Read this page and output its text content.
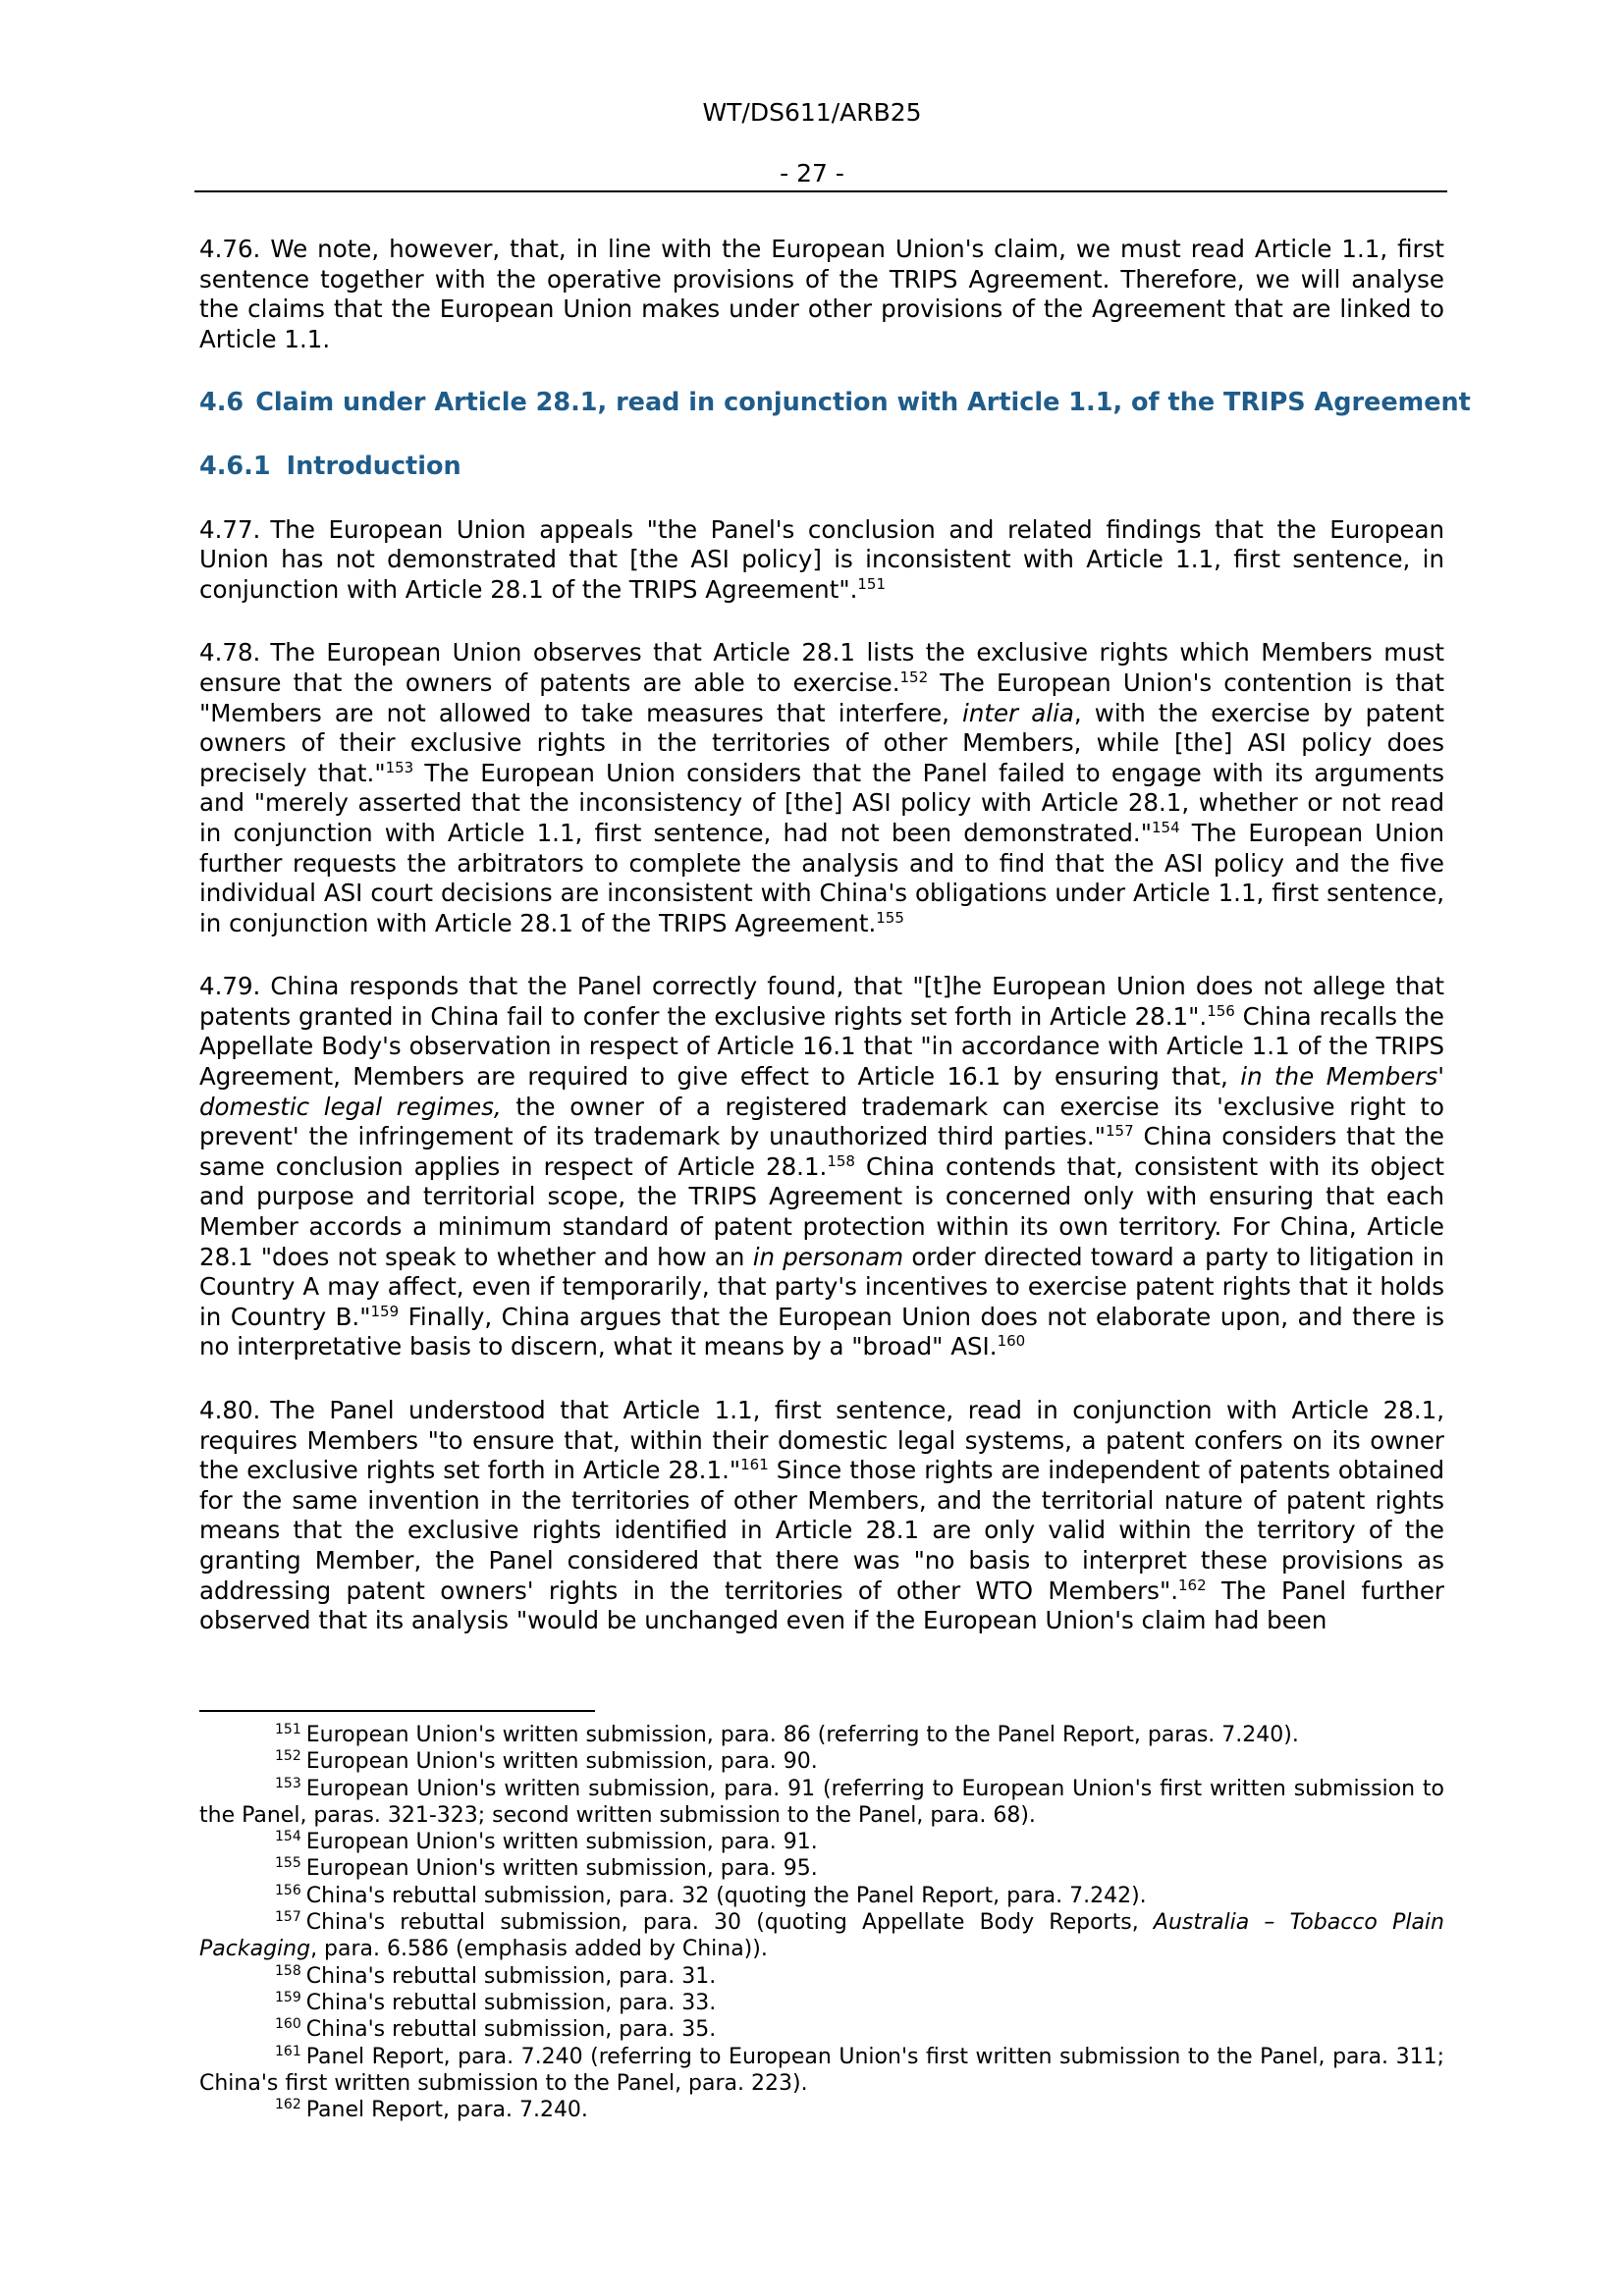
WT/DS611/ARB25
- 27 -

4.76. We note, however, that, in line with the European Union's claim, we must read Article 1.1, first sentence together with the operative provisions of the TRIPS Agreement. Therefore, we will analyse the claims that the European Union makes under other provisions of the Agreement that are linked to Article 1.1.

4.6 Claim under Article 28.1, read in conjunction with Article 1.1, of the TRIPS Agreement
4.6.1 Introduction

4.77. The European Union appeals "the Panel's conclusion and related findings that the European Union has not demonstrated that [the ASI policy] is inconsistent with Article 1.1, first sentence, in conjunction with Article 28.1 of the TRIPS Agreement".$^{151}$

4.78. The European Union observes that Article 28.1 lists the exclusive rights which Members must ensure that the owners of patents are able to exercise.$^{152}$ The European Union's contention is that "Members are not allowed to take measures that interfere, inter alia, with the exercise by patent owners of their exclusive rights in the territories of other Members, while [the] ASI policy does precisely that."$^{153}$ The European Union considers that the Panel failed to engage with its arguments and "merely asserted that the inconsistency of [the] ASI policy with Article 28.1, whether or not read in conjunction with Article 1.1, first sentence, had not been demonstrated."$^{154}$ The European Union further requests the arbitrators to complete the analysis and to find that the ASI policy and the five individual ASI court decisions are inconsistent with China's obligations under Article 1.1, first sentence, in conjunction with Article 28.1 of the TRIPS Agreement.$^{155}$

4.79. China responds that the Panel correctly found, that "[t]he European Union does not allege that patents granted in China fail to confer the exclusive rights set forth in Article 28.1".$^{156}$ China recalls the Appellate Body's observation in respect of Article 16.1 that "in accordance with Article 1.1 of the TRIPS Agreement, Members are required to give effect to Article 16.1 by ensuring that, in the Members' domestic legal regimes, the owner of a registered trademark can exercise its 'exclusive right to prevent' the infringement of its trademark by unauthorized third parties."$^{157}$ China considers that the same conclusion applies in respect of Article 28.1.$^{158}$ China contends that, consistent with its object and purpose and territorial scope, the TRIPS Agreement is concerned only with ensuring that each Member accords a minimum standard of patent protection within its own territory. For China, Article 28.1 "does not speak to whether and how an in personam order directed toward a party to litigation in Country A may affect, even if temporarily, that party's incentives to exercise patent rights that it holds in Country B."$^{159}$ Finally, China argues that the European Union does not elaborate upon, and there is no interpretative basis to discern, what it means by a "broad" ASI.$^{160}$

4.80. The Panel understood that Article 1.1, first sentence, read in conjunction with Article 28.1, requires Members "to ensure that, within their domestic legal systems, a patent confers on its owner the exclusive rights set forth in Article 28.1."$^{161}$ Since those rights are independent of patents obtained for the same invention in the territories of other Members, and the territorial nature of patent rights means that the exclusive rights identified in Article 28.1 are only valid within the territory of the granting Member, the Panel considered that there was "no basis to interpret these provisions as addressing patent owners' rights in the territories of other WTO Members".$^{162}$ The Panel further observed that its analysis "would be unchanged even if the European Union's claim had been

$^{151}$ European Union's written submission, para. 86 (referring to the Panel Report, paras. 7.240).

$^{152}$ European Union's written submission, para. 90.

$^{153}$ European Union's written submission, para. 91 (referring to European Union's first written submission to the Panel, paras. 321-323; second written submission to the Panel, para. 68).

$^{154}$ European Union's written submission, para. 91.

$^{155}$ European Union's written submission, para. 95.

$^{156}$ China's rebuttal submission, para. 32 (quoting the Panel Report, para. 7.242).

$^{157}$ China's rebuttal submission, para. 30 (quoting Appellate Body Reports, Australia – Tobacco Plain Packaging, para. 6.586 (emphasis added by China)).

$^{158}$ China's rebuttal submission, para. 31.

$^{159}$ China's rebuttal submission, para. 33.

$^{160}$ China's rebuttal submission, para. 35.

$^{161}$ Panel Report, para. 7.240 (referring to European Union's first written submission to the Panel, para. 311; China's first written submission to the Panel, para. 223).

$^{162}$ Panel Report, para. 7.240.
